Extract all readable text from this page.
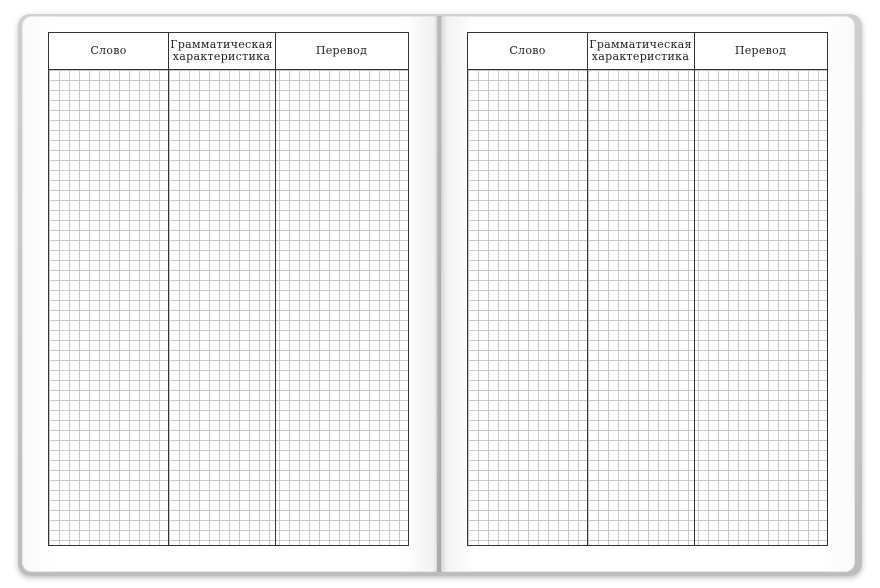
Слово	Грамматическая характеристика	Перевод	Слово	Грамматическая характеристика	Перевод
